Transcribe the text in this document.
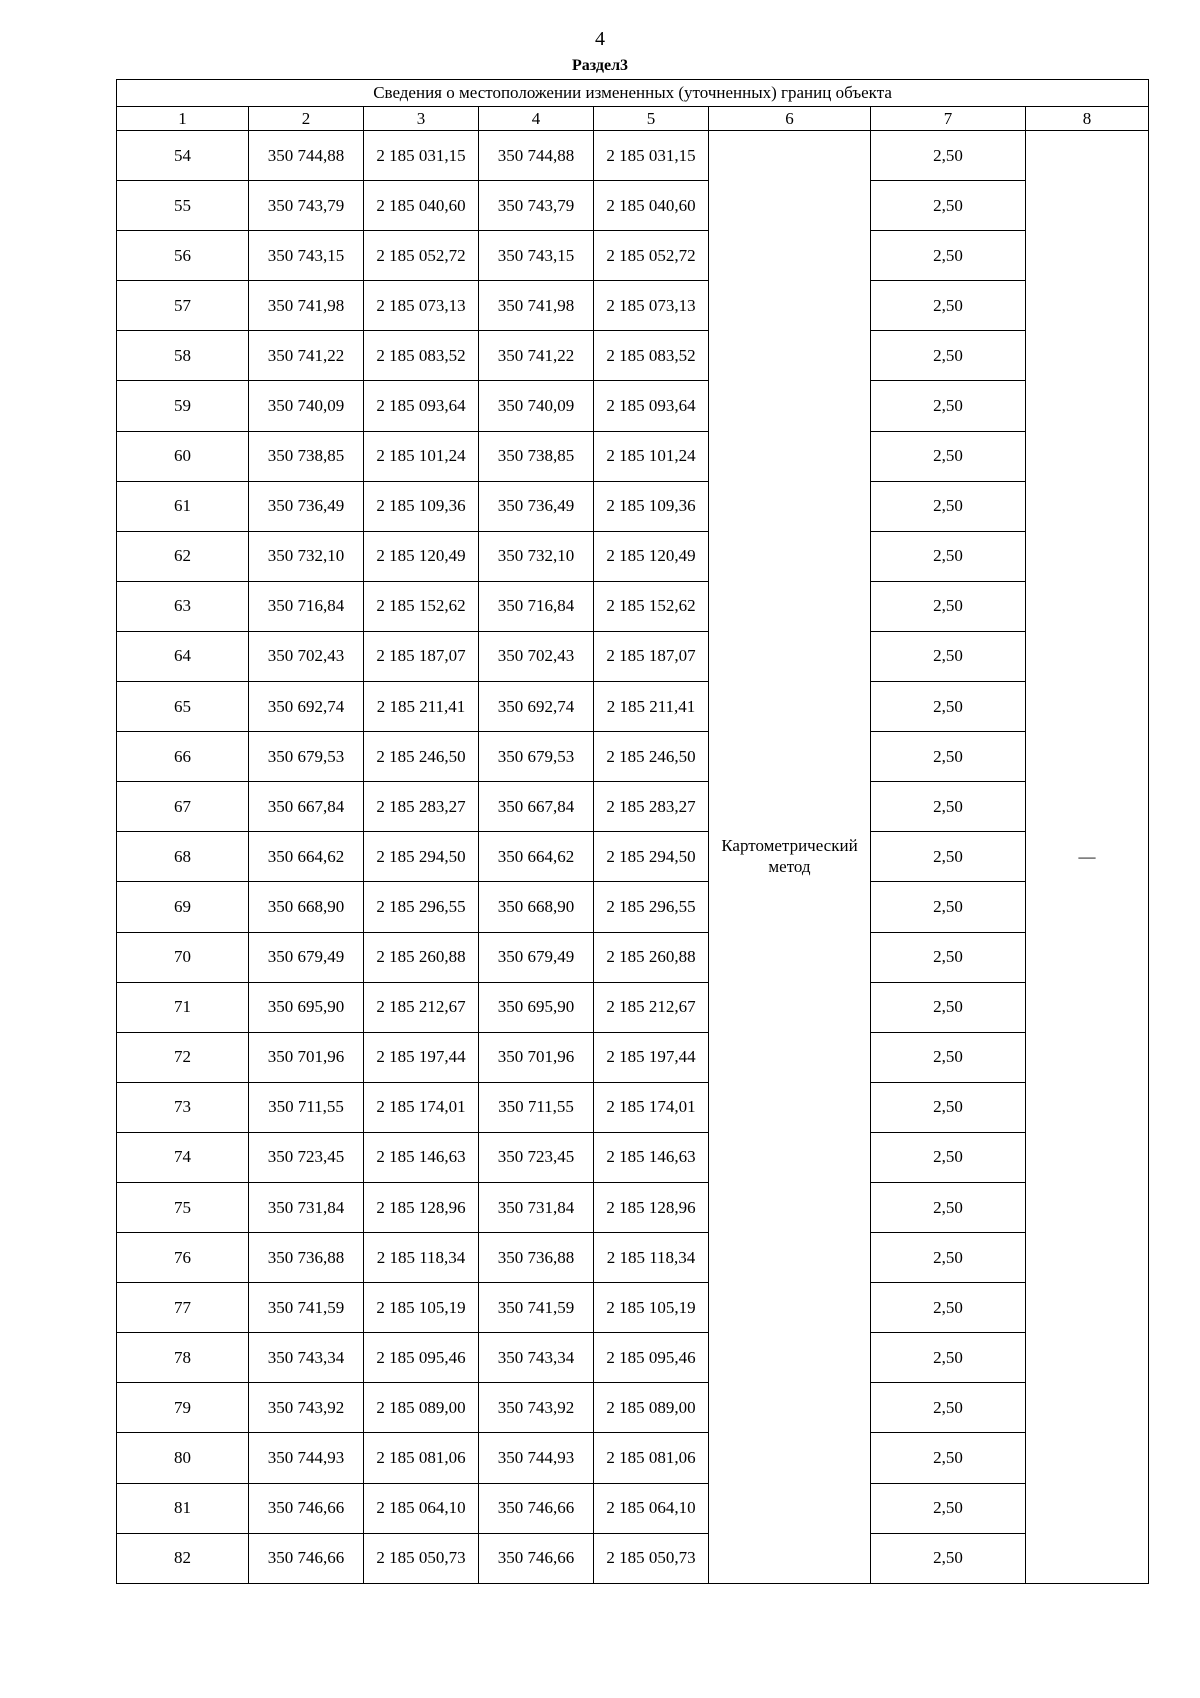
4
Раздел3
Сведения о местоположении измененных (уточненных) границ объекта							
1	2	3	4	5	6	7	8
54	350 744,88	2 185 031,15	350 744,88	2 185 031,15	Картометрический метод	2,50	—
55	350 743,79	2 185 040,60	350 743,79	2 185 040,60		2,50	
56	350 743,15	2 185 052,72	350 743,15	2 185 052,72		2,50	
57	350 741,98	2 185 073,13	350 741,98	2 185 073,13		2,50	
58	350 741,22	2 185 083,52	350 741,22	2 185 083,52		2,50	
59	350 740,09	2 185 093,64	350 740,09	2 185 093,64		2,50	
60	350 738,85	2 185 101,24	350 738,85	2 185 101,24		2,50	
61	350 736,49	2 185 109,36	350 736,49	2 185 109,36		2,50	
62	350 732,10	2 185 120,49	350 732,10	2 185 120,49		2,50	
63	350 716,84	2 185 152,62	350 716,84	2 185 152,62		2,50	
64	350 702,43	2 185 187,07	350 702,43	2 185 187,07		2,50	
65	350 692,74	2 185 211,41	350 692,74	2 185 211,41		2,50	
66	350 679,53	2 185 246,50	350 679,53	2 185 246,50		2,50	
67	350 667,84	2 185 283,27	350 667,84	2 185 283,27		2,50	
68	350 664,62	2 185 294,50	350 664,62	2 185 294,50		2,50	
69	350 668,90	2 185 296,55	350 668,90	2 185 296,55		2,50	
70	350 679,49	2 185 260,88	350 679,49	2 185 260,88		2,50	
71	350 695,90	2 185 212,67	350 695,90	2 185 212,67		2,50	
72	350 701,96	2 185 197,44	350 701,96	2 185 197,44		2,50	
73	350 711,55	2 185 174,01	350 711,55	2 185 174,01		2,50	
74	350 723,45	2 185 146,63	350 723,45	2 185 146,63		2,50	
75	350 731,84	2 185 128,96	350 731,84	2 185 128,96		2,50	
76	350 736,88	2 185 118,34	350 736,88	2 185 118,34		2,50	
77	350 741,59	2 185 105,19	350 741,59	2 185 105,19		2,50	
78	350 743,34	2 185 095,46	350 743,34	2 185 095,46		2,50	
79	350 743,92	2 185 089,00	350 743,92	2 185 089,00		2,50	
80	350 744,93	2 185 081,06	350 744,93	2 185 081,06		2,50	
81	350 746,66	2 185 064,10	350 746,66	2 185 064,10		2,50	
82	350 746,66	2 185 050,73	350 746,66	2 185 050,73		2,50	
